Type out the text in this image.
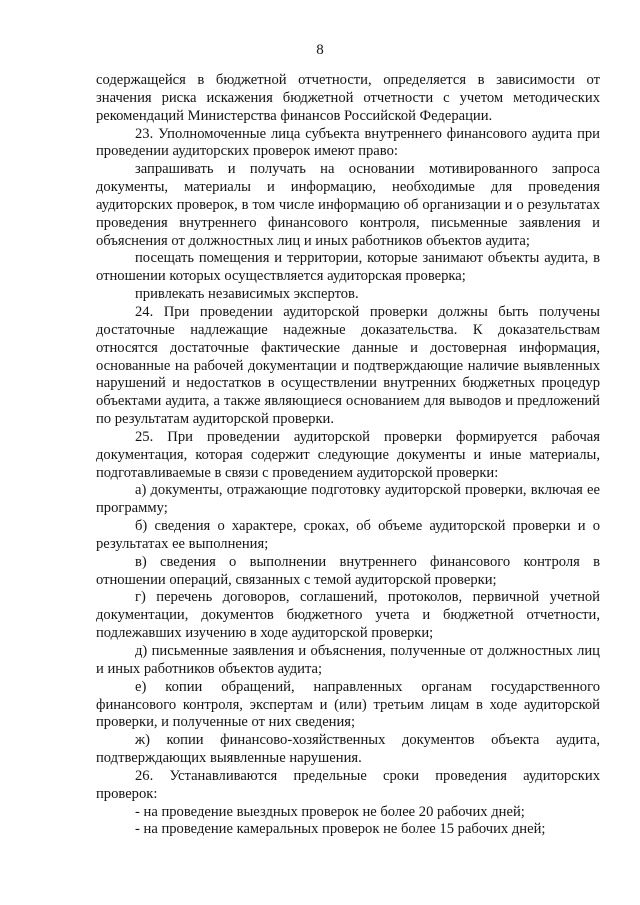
8

содержащейся в бюджетной отчетности, определяется в зависимости от значения риска искажения бюджетной отчетности с учетом методических рекомендаций Министерства финансов Российской Федерации.

23. Уполномоченные лица субъекта внутреннего финансового аудита при проведении аудиторских проверок имеют право:

запрашивать и получать на основании мотивированного запроса документы, материалы и информацию, необходимые для проведения аудиторских проверок, в том числе информацию об организации и о результатах проведения внутреннего финансового контроля, письменные заявления и объяснения от должностных лиц и иных работников объектов аудита;

посещать помещения и территории, которые занимают объекты аудита, в отношении которых осуществляется аудиторская проверка;

привлекать независимых экспертов.

24. При проведении аудиторской проверки должны быть получены достаточные надлежащие надежные доказательства. К доказательствам относятся достаточные фактические данные и достоверная информация, основанные на рабочей документации и подтверждающие наличие выявленных нарушений и недостатков в осуществлении внутренних бюджетных процедур объектами аудита, а также являющиеся основанием для выводов и предложений по результатам аудиторской проверки.

25. При проведении аудиторской проверки формируется рабочая документация, которая содержит следующие документы и иные материалы, подготавливаемые в связи с проведением аудиторской проверки:

а) документы, отражающие подготовку аудиторской проверки, включая ее программу;

б) сведения о характере, сроках, об объеме аудиторской проверки и о результатах ее выполнения;

в) сведения о выполнении внутреннего финансового контроля в отношении операций, связанных с темой аудиторской проверки;

г) перечень договоров, соглашений, протоколов, первичной учетной документации, документов бюджетного учета и бюджетной отчетности, подлежавших изучению в ходе аудиторской проверки;

д) письменные заявления и объяснения, полученные от должностных лиц и иных работников объектов аудита;

е) копии обращений, направленных органам государственного финансового контроля, экспертам и (или) третьим лицам в ходе аудиторской проверки, и полученные от них сведения;

ж) копии финансово-хозяйственных документов объекта аудита, подтверждающих выявленные нарушения.

26. Устанавливаются предельные сроки проведения аудиторских проверок:

- на проведение выездных проверок не более 20 рабочих дней;

- на проведение камеральных проверок не более 15 рабочих дней;
